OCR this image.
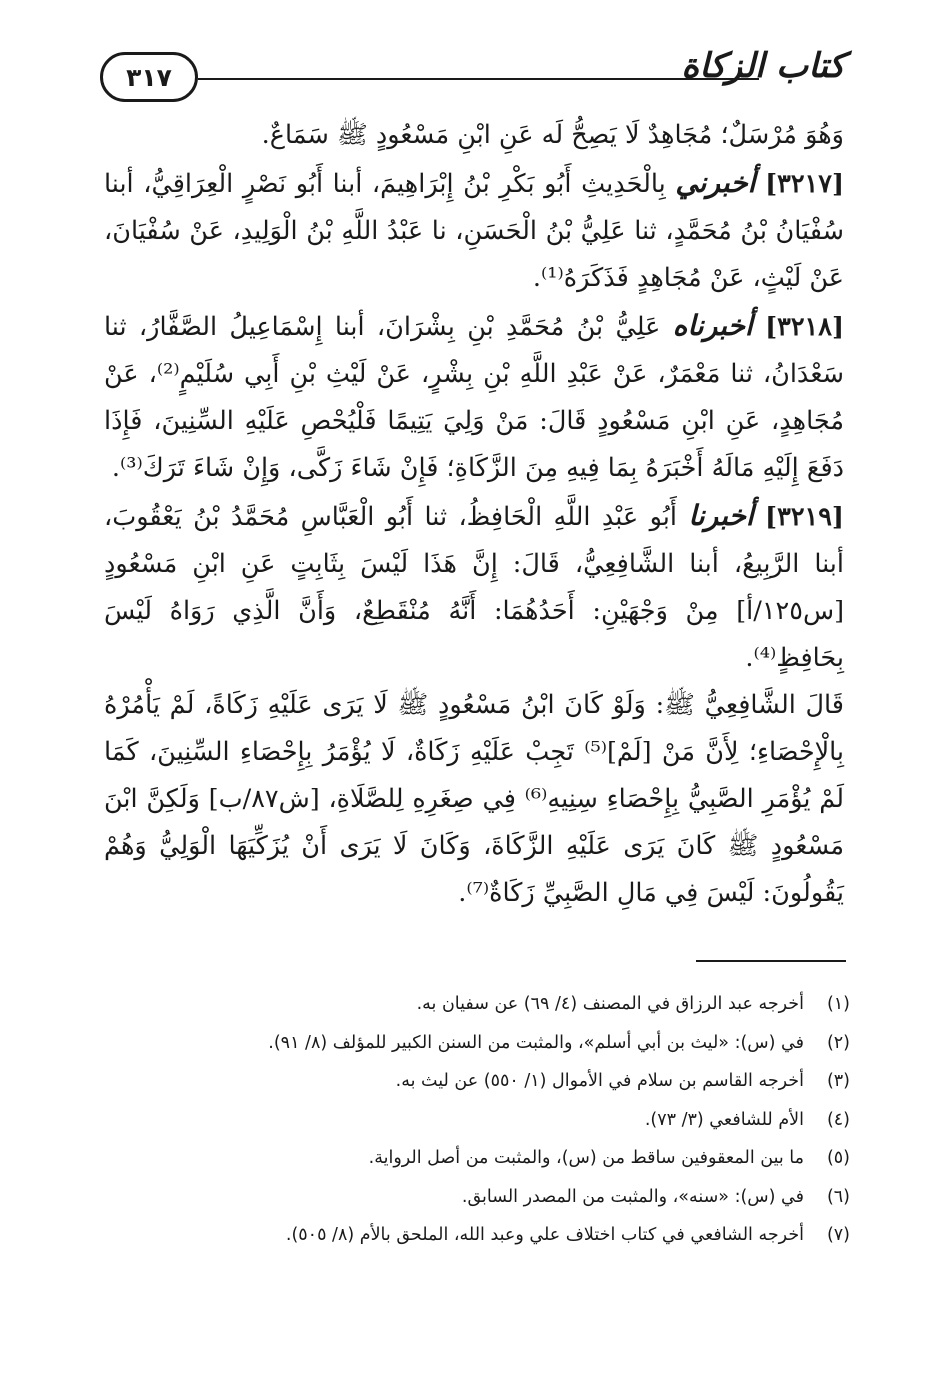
٣١٧	كتاب الزكاة

وَهُوَ مُرْسَلٌ؛ مُجَاهِدٌ لَا يَصِحُّ لَه عَنِ ابْنِ مَسْعُودٍ ﷺ سَمَاعٌ.

[٣٢١٧] أخبرني بِالْحَدِيثِ أَبُو بَكْرِ بْنُ إِبْرَاهِيمَ، أبنا أَبُو نَصْرٍ الْعِرَاقِيُّ، أبنا سُفْيَانُ بْنُ مُحَمَّدٍ، ثنا عَلِيُّ بْنُ الْحَسَنِ، نا عَبْدُ اللَّهِ بْنُ الْوَلِيدِ، عَنْ سُفْيَانَ، عَنْ لَيْثٍ، عَنْ مُجَاهِدٍ فَذَكَرَهُ⁽¹⁾.

[٣٢١٨] أخبرناه عَلِيُّ بْنُ مُحَمَّدِ بْنِ بِشْرَانَ، أبنا إِسْمَاعِيلُ الصَّفَّارُ، ثنا سَعْدَانُ، ثنا مَعْمَرٌ، عَنْ عَبْدِ اللَّهِ بْنِ بِشْرٍ، عَنْ لَيْثِ بْنِ أَبِي سُلَيْمٍ⁽²⁾، عَنْ مُجَاهِدٍ، عَنِ ابْنِ مَسْعُودٍ قَالَ: مَنْ وَلِيَ يَتِيمًا فَلْيُحْصِ عَلَيْهِ السِّنِينَ، فَإِذَا دَفَعَ إِلَيْهِ مَالَهُ أَخْبَرَهُ بِمَا فِيهِ مِنَ الزَّكَاةِ؛ فَإِنْ شَاءَ زَكَّى، وَإِنْ شَاءَ تَرَكَ⁽³⁾.

[٣٢١٩] أخبرنا أَبُو عَبْدِ اللَّهِ الْحَافِظُ، ثنا أَبُو الْعَبَّاسِ مُحَمَّدُ بْنُ يَعْقُوبَ، أبنا الرَّبِيعُ، أبنا الشَّافِعِيُّ، قَالَ: إِنَّ هَذَا لَيْسَ بِثَابِتٍ عَنِ ابْنِ مَسْعُودٍ [س١٢٥/أ] مِنْ وَجْهَيْنِ: أَحَدُهُمَا: أَنَّهُ مُنْقَطِعٌ، وَأَنَّ الَّذِي رَوَاهُ لَيْسَ بِحَافِظٍ⁽⁴⁾.

قَالَ الشَّافِعِيُّ ﷺ: وَلَوْ كَانَ ابْنُ مَسْعُودٍ ﷺ لَا يَرَى عَلَيْهِ زَكَاةً، لَمْ يَأْمُرْهُ بِالْإِحْصَاءِ؛ لِأَنَّ مَنْ [لَمْ]⁽⁵⁾ تَجِبْ عَلَيْهِ زَكَاةٌ، لَا يُؤْمَرُ بِإِحْصَاءِ السِّنِينَ، كَمَا لَمْ يُؤْمَرِ الصَّبِيُّ بِإِحْصَاءِ سِنِيهِ⁽⁶⁾ فِي صِغَرِهِ لِلصَّلَاةِ، [ش٨٧/ب] وَلَكِنَّ ابْنَ مَسْعُودٍ ﷺ كَانَ يَرَى عَلَيْهِ الزَّكَاةَ، وَكَانَ لَا يَرَى أَنْ يُزَكِّيَهَا الْوَلِيُّ وَهُمْ يَقُولُونَ: لَيْسَ فِي مَالِ الصَّبِيِّ زَكَاةٌ⁽⁷⁾.

(١)
أخرجه عبد الرزاق في المصنف (٤/ ٦٩) عن سفيان به.
(٢)
في (س): «ليث بن أبي أسلم»، والمثبت من السنن الكبير للمؤلف (٨/ ٩١).
(٣)
أخرجه القاسم بن سلام في الأموال (١/ ٥٥٠) عن ليث به.
(٤)
الأم للشافعي (٣/ ٧٣).
(٥)
ما بين المعقوفين ساقط من (س)، والمثبت من أصل الرواية.
(٦)
في (س): «سنه»، والمثبت من المصدر السابق.
(٧)
أخرجه الشافعي في كتاب اختلاف علي وعبد الله، الملحق بالأم (٨/ ٥٠٥).
